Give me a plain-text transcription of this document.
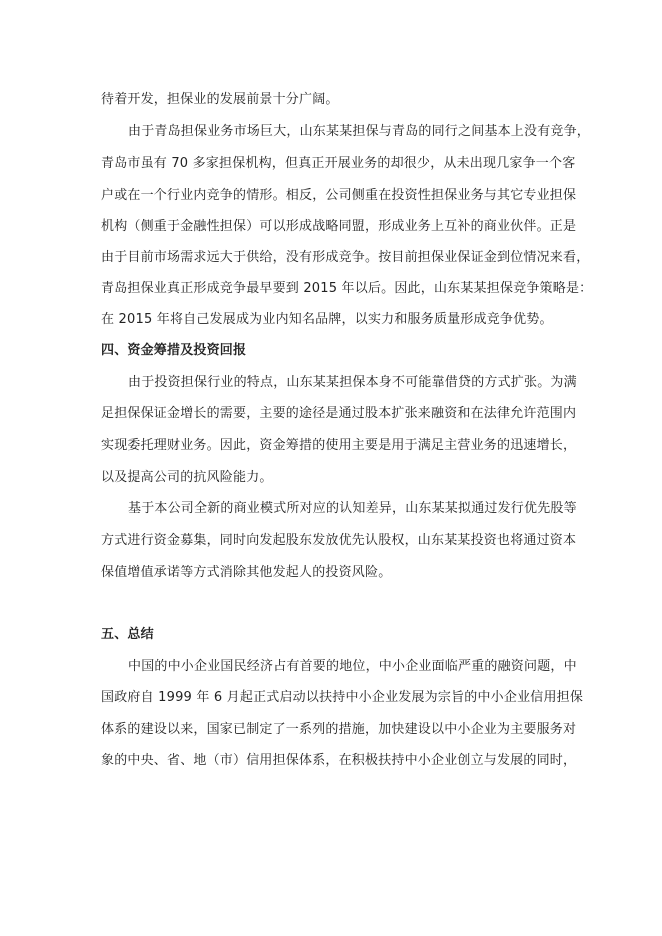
待着开发，担保业的发展前景十分广阔。
由于青岛担保业务市场巨大，山东某某担保与青岛的同行之间基本上没有竞争，
青岛市虽有 70 多家担保机构，但真正开展业务的却很少，从未出现几家争一个客
户或在一个行业内竞争的情形。相反，公司侧重在投资性担保业务与其它专业担保
机构（侧重于金融性担保）可以形成战略同盟，形成业务上互补的商业伙伴。正是
由于目前市场需求远大于供给，没有形成竞争。按目前担保业保证金到位情况来看，
青岛担保业真正形成竞争最早要到 2015 年以后。因此，山东某某担保竞争策略是：
在 2015 年将自己发展成为业内知名品牌，以实力和服务质量形成竞争优势。
四、资金筹措及投资回报
由于投资担保行业的特点，山东某某担保本身不可能靠借贷的方式扩张。为满
足担保保证金增长的需要，主要的途径是通过股本扩张来融资和在法律允许范围内
实现委托理财业务。因此，资金筹措的使用主要是用于满足主营业务的迅速增长，
以及提高公司的抗风险能力。
基于本公司全新的商业模式所对应的认知差异，山东某某拟通过发行优先股等
方式进行资金募集，同时向发起股东发放优先认股权，山东某某投资也将通过资本
保值增值承诺等方式消除其他发起人的投资风险。
五、总结
中国的中小企业国民经济占有首要的地位，中小企业面临严重的融资问题，中
国政府自 1999 年 6 月起正式启动以扶持中小企业发展为宗旨的中小企业信用担保
体系的建设以来，国家已制定了一系列的措施，加快建设以中小企业为主要服务对
象的中央、省、地（市）信用担保体系，在积极扶持中小企业创立与发展的同时，
